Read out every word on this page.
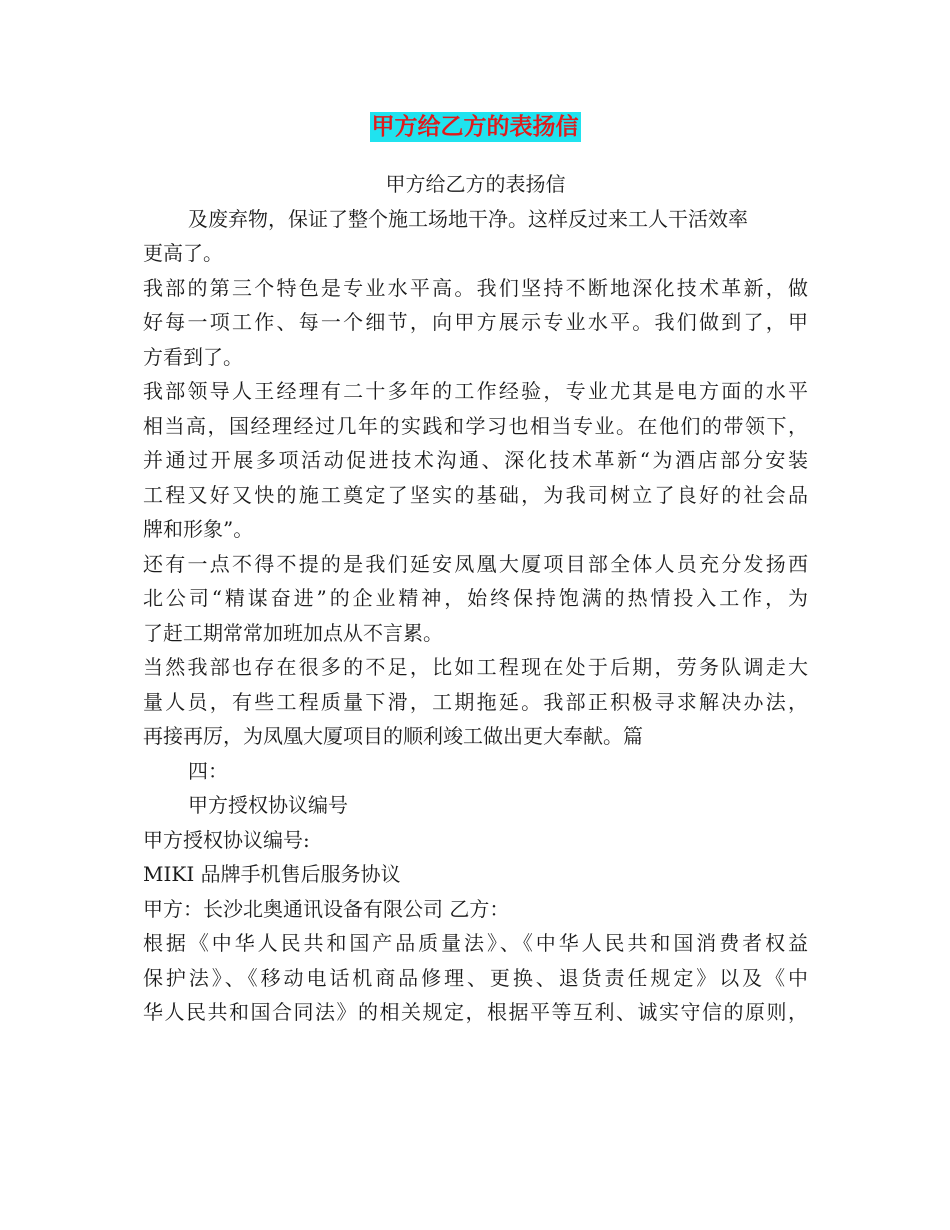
甲方给乙方的表扬信
甲方给乙方的表扬信
及废弃物，保证了整个施工场地干净。这样反过来工人干活效率
更高了。
我部的第三个特色是专业水平高。我们坚持不断地深化技术革新，做
好每一项工作、每一个细节，向甲方展示专业水平。我们做到了，甲
方看到了。
我部领导人王经理有二十多年的工作经验，专业尤其是电方面的水平
相当高，国经理经过几年的实践和学习也相当专业。在他们的带领下，
并通过开展多项活动促进技术沟通、深化技术革新“为酒店部分安装
工程又好又快的施工奠定了坚实的基础，为我司树立了良好的社会品
牌和形象”。
还有一点不得不提的是我们延安凤凰大厦项目部全体人员充分发扬西
北公司“精谋奋进”的企业精神，始终保持饱满的热情投入工作，为
了赶工期常常加班加点从不言累。
当然我部也存在很多的不足，比如工程现在处于后期，劳务队调走大
量人员，有些工程质量下滑，工期拖延。我部正积极寻求解决办法，
再接再厉，为凤凰大厦项目的顺利竣工做出更大奉献。篇
四：
甲方授权协议编号
甲方授权协议编号:
MIKI 品牌手机售后服务协议
甲方：长沙北奥通讯设备有限公司 乙方：
根据《中华人民共和国产品质量法》、《中华人民共和国消费者权益
保护法》、《移动电话机商品修理、更换、退货责任规定》以及《中
华人民共和国合同法》的相关规定，根据平等互利、诚实守信的原则，
